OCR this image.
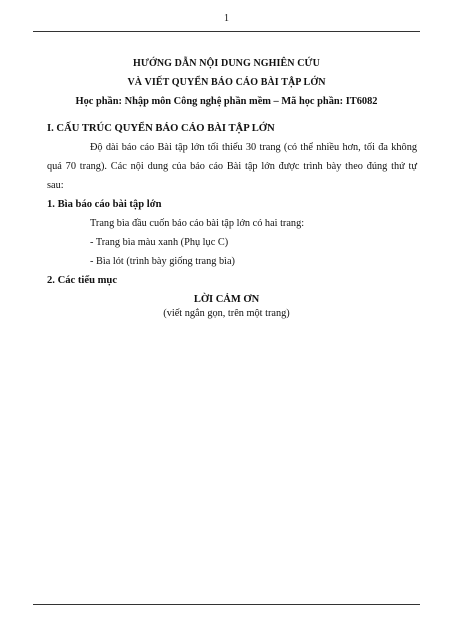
1
HƯỚNG DẪN NỘI DUNG NGHIÊN CỨU
VÀ VIẾT QUYỂN BÁO CÁO BÀI TẬP LỚN
Học phần: Nhập môn Công nghệ phần mềm – Mã học phần: IT6082
I. CẤU TRÚC QUYỂN BÁO CÁO BÀI TẬP LỚN
Độ dài báo cáo Bài tập lớn tối thiểu 30 trang (có thể nhiều hơn, tối đa không
quá 70 trang). Các nội dung của báo cáo Bài tập lớn được trình bày theo đúng thứ tự
sau:
1. Bìa báo cáo bài tập lớn
Trang bìa đầu cuốn báo cáo bài tập lớn có hai trang:
- Trang bìa màu xanh (Phụ lục C)
- Bìa lót (trình bày giống trang bìa)
2. Các tiểu mục
LỜI CẢM ƠN
(viết ngắn gọn, trên một trang)
